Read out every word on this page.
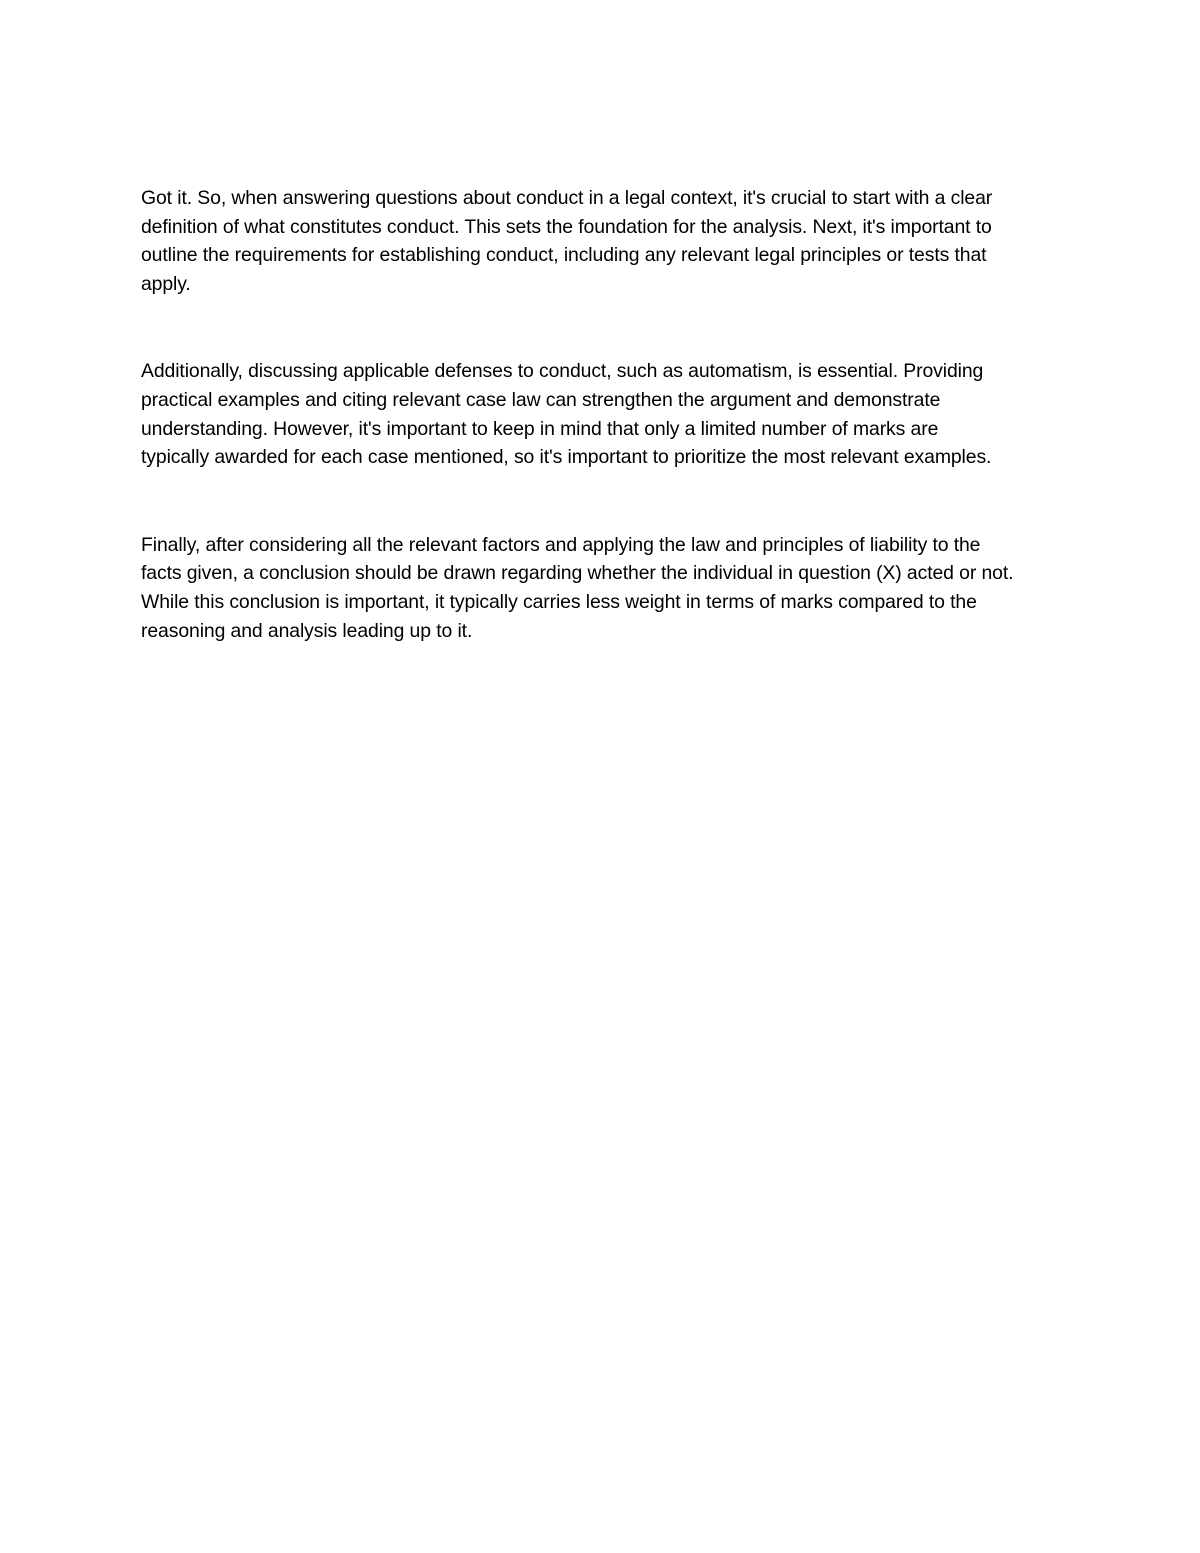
Got it. So, when answering questions about conduct in a legal context, it's crucial to start with a clear
definition of what constitutes conduct. This sets the foundation for the analysis. Next, it's important to
outline the requirements for establishing conduct, including any relevant legal principles or tests that
apply.

Additionally, discussing applicable defenses to conduct, such as automatism, is essential. Providing
practical examples and citing relevant case law can strengthen the argument and demonstrate
understanding. However, it's important to keep in mind that only a limited number of marks are
typically awarded for each case mentioned, so it's important to prioritize the most relevant examples.

Finally, after considering all the relevant factors and applying the law and principles of liability to the
facts given, a conclusion should be drawn regarding whether the individual in question (X) acted or not.
While this conclusion is important, it typically carries less weight in terms of marks compared to the
reasoning and analysis leading up to it.
